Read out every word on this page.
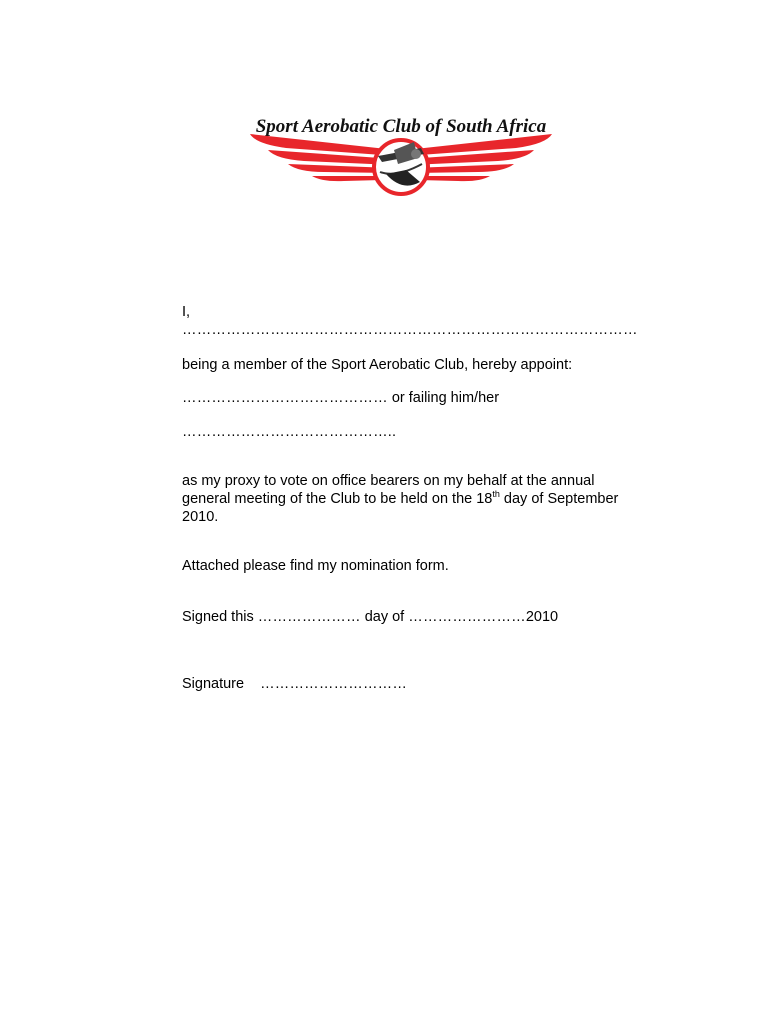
Sport Aerobatic Club of South Africa
I,
…………………………………………………………………………………
being a member of the Sport Aerobatic Club, hereby appoint:
…………………………………… or failing him/her
……………………………………..
as my proxy to vote on office bearers on my behalf at the annual
general meeting of the Club to be held on the 18th day of September
2010.
Attached please find my nomination form.
Signed this ………………… day of ……………………2010
Signature …………………………
